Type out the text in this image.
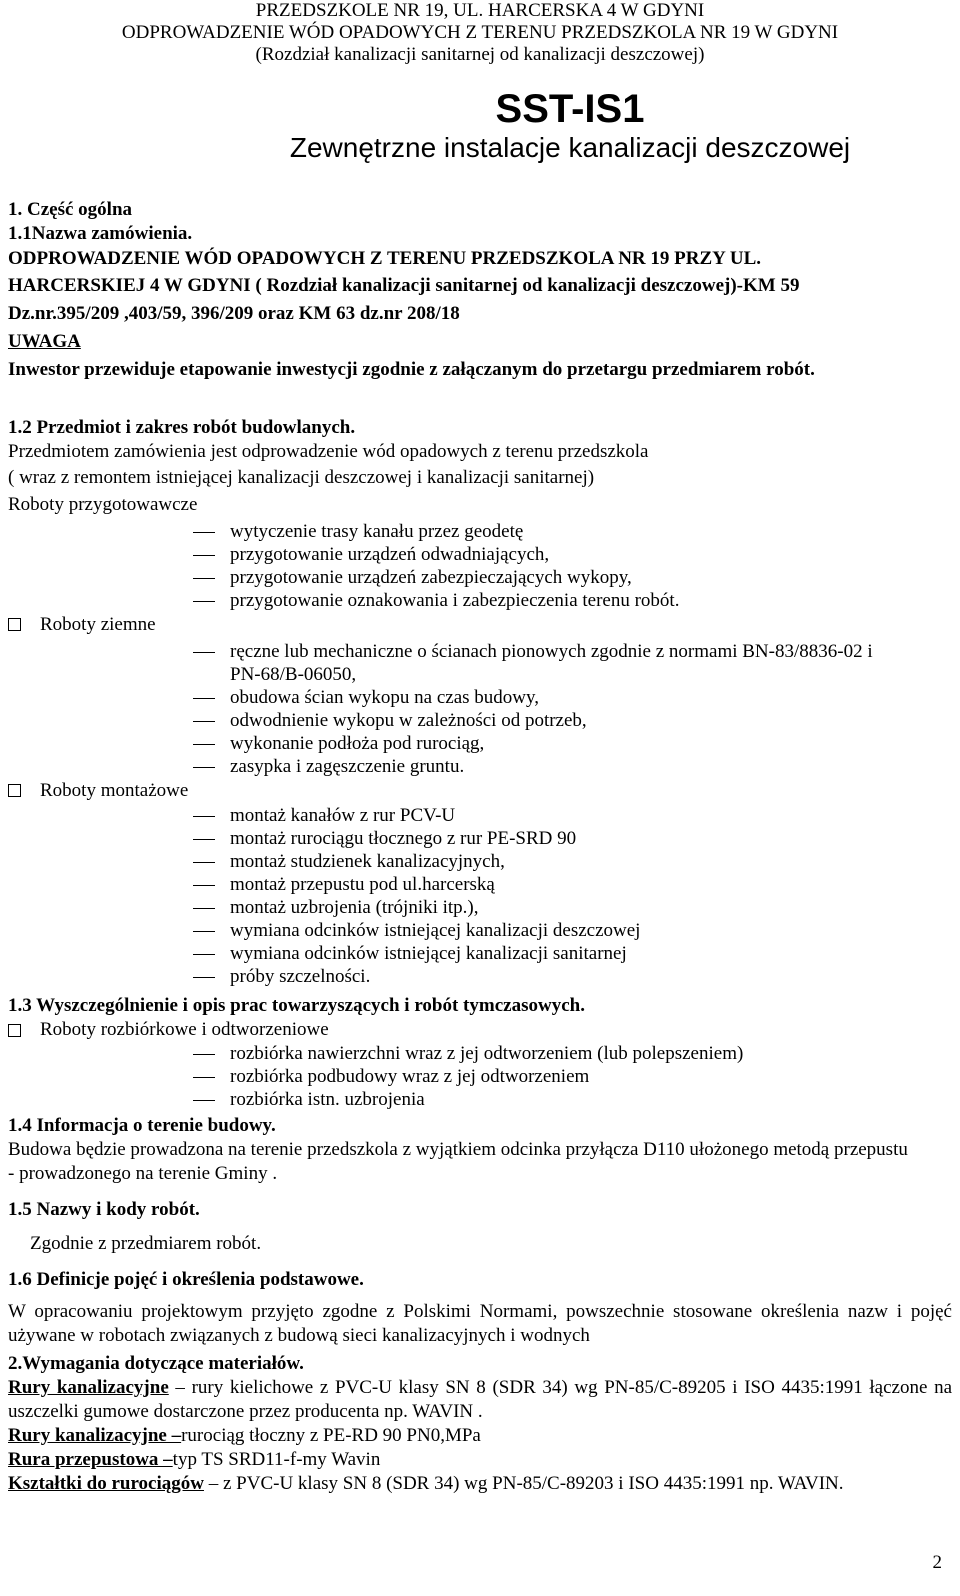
PRZEDSZKOLE NR 19, UL. HARCERSKA 4 W GDYNI
ODPROWADZENIE WÓD OPADOWYCH Z TERENU PRZEDSZKOLA NR 19 W GDYNI
(Rozdział kanalizacji sanitarnej od kanalizacji deszczowej)
SST-IS1
Zewnętrzne instalacje kanalizacji deszczowej
1. Część ogólna
1.1Nazwa zamówienia.
ODPROWADZENIE WÓD OPADOWYCH Z TERENU PRZEDSZKOLA NR 19 PRZY UL.
HARCERSKIEJ 4 W GDYNI ( Rozdział kanalizacji sanitarnej od kanalizacji deszczowej)-KM 59
Dz.nr.395/209 ,403/59, 396/209 oraz KM 63 dz.nr 208/18
UWAGA
Inwestor przewiduje etapowanie inwestycji zgodnie z załączanym do przetargu przedmiarem robót.
1.2 Przedmiot i zakres robót budowlanych.
Przedmiotem zamówienia jest odprowadzenie wód opadowych z terenu przedszkola
( wraz z remontem istniejącej kanalizacji deszczowej i kanalizacji sanitarnej)
Roboty przygotowawcze
wytyczenie trasy kanału przez geodetę
przygotowanie urządzeń odwadniających,
przygotowanie urządzeń zabezpieczających wykopy,
przygotowanie oznakowania i zabezpieczenia terenu robót.
Roboty ziemne
ręczne lub mechaniczne o ścianach pionowych zgodnie z normami BN-83/8836-02 i
PN-68/B-06050,
obudowa ścian wykopu na czas budowy,
odwodnienie wykopu w zależności od potrzeb,
wykonanie podłoża pod rurociąg,
zasypka i zagęszczenie gruntu.
Roboty montażowe
montaż kanałów z rur PCV-U
montaż rurociągu tłocznego z rur PE-SRD 90
montaż studzienek kanalizacyjnych,
montaż przepustu pod ul.harcerską
montaż uzbrojenia (trójniki itp.),
wymiana odcinków istniejącej kanalizacji deszczowej
wymiana odcinków istniejącej kanalizacji sanitarnej
próby szczelności.
1.3 Wyszczególnienie i opis prac towarzyszących i robót tymczasowych.
Roboty rozbiórkowe i odtworzeniowe
rozbiórka nawierzchni wraz z jej odtworzeniem (lub polepszeniem)
rozbiórka podbudowy wraz z jej odtworzeniem
rozbiórka istn. uzbrojenia
1.4 Informacja o terenie budowy.
Budowa będzie prowadzona na terenie przedszkola z wyjątkiem odcinka przyłącza D110 ułożonego metodą przepustu - prowadzonego na terenie Gminy .
1.5 Nazwy i kody robót.
Zgodnie z przedmiarem robót.
1.6 Definicje pojęć i określenia podstawowe.
W opracowaniu projektowym przyjęto zgodne z Polskimi Normami, powszechnie stosowane określenia nazw i pojęć używane w robotach związanych z budową sieci kanalizacyjnych i wodnych
2.Wymagania dotyczące materiałów.
Rury kanalizacyjne – rury kielichowe z PVC-U klasy SN 8 (SDR 34) wg PN-85/C-89205 i ISO 4435:1991 łączone na uszczelki gumowe dostarczone przez producenta np. WAVIN .
Rury kanalizacyjne –rurociąg tłoczny z PE-RD 90 PN0,MPa
Rura przepustowa –typ TS SRD11-f-my Wavin
Kształtki do rurociągów – z PVC-U klasy SN 8 (SDR 34) wg PN-85/C-89203 i ISO 4435:1991 np. WAVIN.
2
